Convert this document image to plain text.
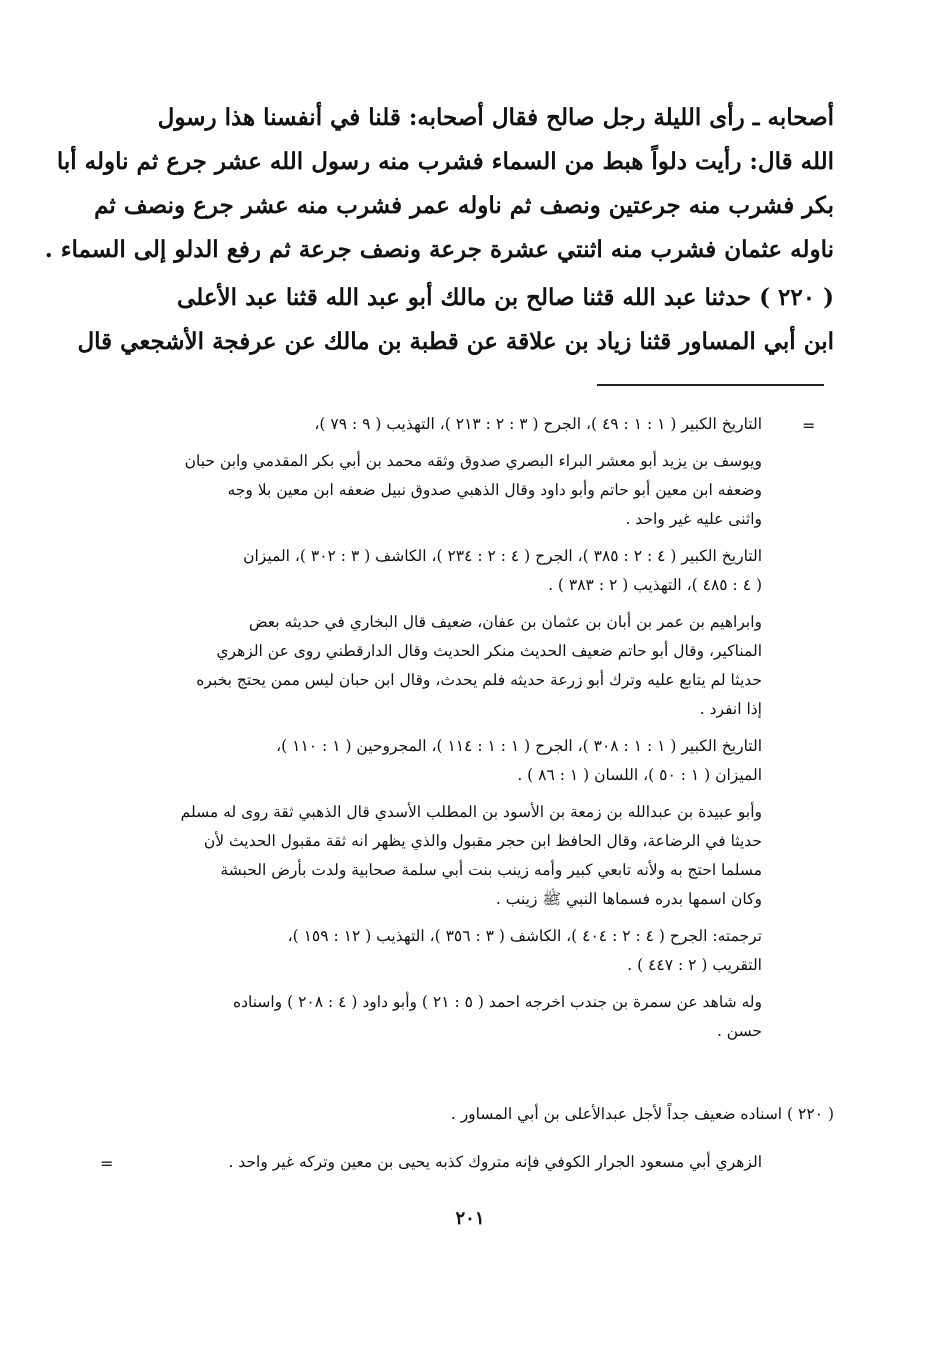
أصحابه ـ رأى الليلة رجل صالح فقال أصحابه: قلنا في أنفسنا هذا رسول
الله قال: رأيت دلواً هبط من السماء فشرب منه رسول الله عشر جرع ثم ناوله أبا
بكر فشرب منه جرعتين ونصف ثم ناوله عمر فشرب منه عشر جرع ونصف ثم
ناوله عثمان فشرب منه اثنتي عشرة جرعة ونصف جرعة ثم رفع الدلو إلى السماء .
( ٢٢٠ ) حدثنا عبد الله قثنا صالح بن مالك أبو عبد الله قثنا عبد الأعلى
ابن أبي المساور قثنا زياد بن علاقة عن قطبة بن مالك عن عرفجة الأشجعي قال
=
التاريخ الكبير ( ١ : ١ : ٤٩ )، الجرح ( ٣ : ٢ : ٢١٣ )، التهذيب ( ٩ : ٧٩ )،
ويوسف بن يزيد أبو معشر البراء البصري صدوق وثقه محمد بن أبي بكر المقدمي وابن حبان
وضعفه ابن معين أبو حاتم وأبو داود وقال الذهبي صدوق نبيل ضعفه ابن معين بلا وجه
واثنى عليه غير واحد .
التاريخ الكبير ( ٤ : ٢ : ٣٨٥ )، الجرح ( ٤ : ٢ : ٢٣٤ )، الكاشف ( ٣ : ٣٠٢ )، الميزان
( ٤ : ٤٨٥ )، التهذيب ( ٢ : ٣٨٣ ) .
وابراهيم بن عمر بن أبان بن عثمان بن عفان، ضعيف قال البخاري في حديثه بعض
المناكير، وقال أبو حاتم ضعيف الحديث منكر الحديث وقال الدارقطني روى عن الزهري
حديثا لم يتابع عليه وترك أبو زرعة حديثه فلم يحدث، وقال ابن حبان ليس ممن يحتج بخبره
إذا انفرد .
التاريخ الكبير ( ١ : ١ : ٣٠٨ )، الجرح ( ١ : ١ : ١١٤ )، المجروحين ( ١ : ١١٠ )،
الميزان ( ١ : ٥٠ )، اللسان ( ١ : ٨٦ ) .
وأبو عبيدة بن عبدالله بن زمعة بن الأسود بن المطلب الأسدي قال الذهبي ثقة روى له مسلم
حديثا في الرضاعة، وقال الحافظ ابن حجر مقبول والذي يظهر انه ثقة مقبول الحديث لأن
مسلما احتج به ولأنه تابعي كبير وأمه زينب بنت أبي سلمة صحابية ولدت بأرض الحبشة
وكان اسمها بدره فسماها النبي ﷺ زينب .
ترجمته: الجرح ( ٤ : ٢ : ٤٠٤ )، الكاشف ( ٣ : ٣٥٦ )، التهذيب ( ١٢ : ١٥٩ )،
التقريب ( ٢ : ٤٤٧ ) .
وله شاهد عن سمرة بن جندب اخرجه احمد ( ٥ : ٢١ ) وأبو داود ( ٤ : ٢٠٨ ) واسناده
حسن .
( ٢٢٠ ) اسناده ضعيف جداً لأجل عبدالأعلى بن أبي المساور .
الزهري أبي مسعود الجرار الكوفي فإنه متروك كذبه يحيى بن معين وتركه غير واحد .
=
٢٠١
